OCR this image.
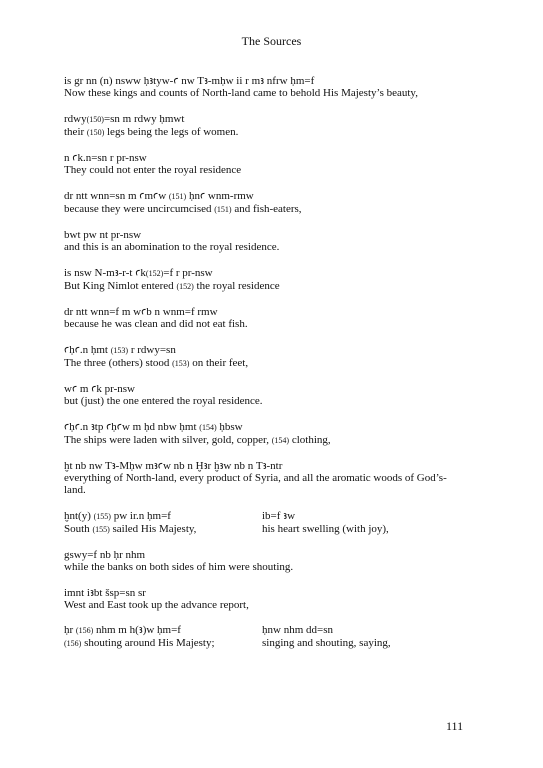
The Sources
is gr nn (n) nsww ḥꜣtyw-ꜥ nw Tꜣ-mḥw ii r mꜣ nfrw ḥm=f
Now these kings and counts of North-land came to behold His Majesty’s beauty,
rdwy(150)=sn m rdwy ḥmwt
their (150) legs being the legs of women.
n ꜥk.n=sn r pr-nsw
They could not enter the royal residence
dr ntt wnn=sn m ꜥmꜥw (151) ḥnꜥ wnm-rmw
because they were uncircumcised (151) and fish-eaters,
bwt pw nt pr-nsw
and this is an abomination to the royal residence.
is nsw N-mꜣ-r-t ꜥk(152)=f r pr-nsw
But King Nimlot entered (152) the royal residence
dr ntt wnn=f m wꜥb n wnm=f rmw
because he was clean and did not eat fish.
ꜥḥꜥ.n ḥmt (153) r rdwy=sn
The three (others) stood (153) on their feet,
wꜥ m ꜥk pr-nsw
but (just) the one entered the royal residence.
ꜥḥꜥ.n ꜣtp ꜥḥꜥw m ḥd nbw ḥmt (154) ḥbsw
The ships were laden with silver, gold, copper, (154) clothing,
ḫt nb nw Tꜣ-Mḥw mꜣꜥw nb n Ḫꜣr ḫꜣw nb n Tꜣ-ntr
everything of North-land, every product of Syria, and all the aromatic woods of God’s-land.
ḫnt(y) (155) pw ir.n ḥm=f	ib=f ꜣw
South (155) sailed His Majesty,	his heart swelling (with joy),
gswy=f nb ḥr nhm
while the banks on both sides of him were shouting.
imnt iꜣbt šsp=sn sr
West and East took up the advance report,
ḥr (156) nhm m h(ꜣ)w ḥm=f	ḥnw nhm dd=sn
(156) shouting around His Majesty;	singing and shouting, saying,
111
